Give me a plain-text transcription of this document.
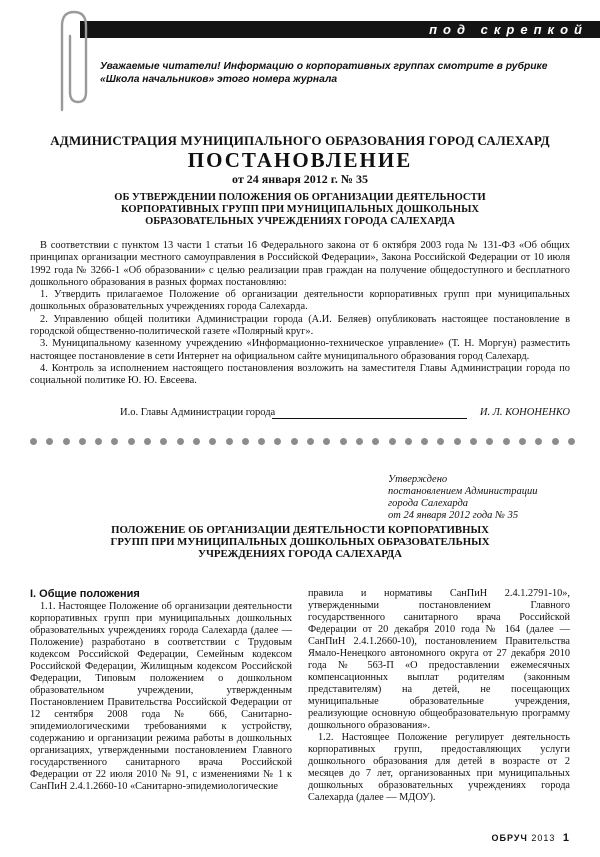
под скрепкой
Уважаемые читатели! Информацию о корпоративных группах смотрите в рубрике «Школа начальников» этого номера журнала
АДМИНИСТРАЦИЯ МУНИЦИПАЛЬНОГО ОБРАЗОВАНИЯ ГОРОД САЛЕХАРД
ПОСТАНОВЛЕНИЕ
от 24 января 2012 г. № 35
ОБ УТВЕРЖДЕНИИ ПОЛОЖЕНИЯ ОБ ОРГАНИЗАЦИИ ДЕЯТЕЛЬНОСТИ КОРПОРАТИВНЫХ ГРУПП ПРИ МУНИЦИПАЛЬНЫХ ДОШКОЛЬНЫХ ОБРАЗОВАТЕЛЬНЫХ УЧРЕЖДЕНИЯХ ГОРОДА САЛЕХАРДА

В соответствии с пунктом 13 части 1 статьи 16 Федерального закона от 6 октября 2003 года № 131-ФЗ «Об общих принципах организации местного самоуправления в Российской Федерации», Закона Российской Федерации от 10 июля 1992 года № 3266-1 «Об образовании» с целью реализации прав граждан на получение общедоступного и бесплатного дошкольного образования в разных формах постановляю:

1. Утвердить прилагаемое Положение об организации деятельности корпоративных групп при муниципальных дошкольных образовательных учреждениях города Салехарда.

2. Управлению общей политики Администрации города (А.И. Беляев) опубликовать настоящее постановление в городской общественно-политической газете «Полярный круг».

3. Муниципальному казенному учреждению «Информационно-техническое управление» (Т. Н. Моргун) разместить настоящее постановление в сети Интернет на официальном сайте муниципального образования город Салехард.

4. Контроль за исполнением настоящего постановления возложить на заместителя Главы Администрации города по социальной политике Ю. Ю. Евсеева.

И.о. Главы Администрации города	И. Л. КОНОНЕНКО
Утверждено
постановлением Администрации
города Салехарда
от 24 января 2012 года № 35
ПОЛОЖЕНИЕ ОБ ОРГАНИЗАЦИИ ДЕЯТЕЛЬНОСТИ КОРПОРАТИВНЫХ ГРУПП ПРИ МУНИЦИПАЛЬНЫХ ДОШКОЛЬНЫХ ОБРАЗОВАТЕЛЬНЫХ УЧРЕЖДЕНИЯХ ГОРОДА САЛЕХАРДА
I. Общие положения

1.1. Настоящее Положение об организации деятельности корпоративных групп при муниципальных дошкольных образовательных учреждениях города Салехарда (далее — Положение) разработано в соответствии с Трудовым кодексом Российской Федерации, Семейным кодексом Российской Федерации, Жилищным кодексом Российской Федерации, Типовым положением о дошкольном образовательном учреждении, утвержденным Постановлением Правительства Российской Федерации от 12 сентября 2008 года № 666, Санитарно-эпидемиологическими требованиями к устройству, содержанию и организации режима работы в дошкольных организациях, утвержденными постановлением Главного государственного санитарного врача Российской Федерации от 22 июля 2010 № 91, с изменениями № 1 к СанПиН 2.4.1.2660-10 «Санитарно-эпидемиологические

правила и нормативы СанПиН 2.4.1.2791-10», утвержденными постановлением Главного государственного санитарного врача Российской Федерации от 20 декабря 2010 года № 164 (далее — СанПиН 2.4.1.2660-10), постановлением Правительства Ямало-Ненецкого автономного округа от 27 декабря 2010 года № 563-П «О предоставлении ежемесячных компенсационных выплат родителям (законным представителям) на детей, не посещающих муниципальные образовательные учреждения, реализующие основную общеобразовательную программу дошкольного образования».

1.2. Настоящее Положение регулирует деятельность корпоративных групп, предоставляющих услуги дошкольного образования для детей в возрасте от 2 месяцев до 7 лет, организованных при муниципальных дошкольных образовательных учреждениях города Салехарда (далее — МДОУ).

ОБРУЧ 2013 1
